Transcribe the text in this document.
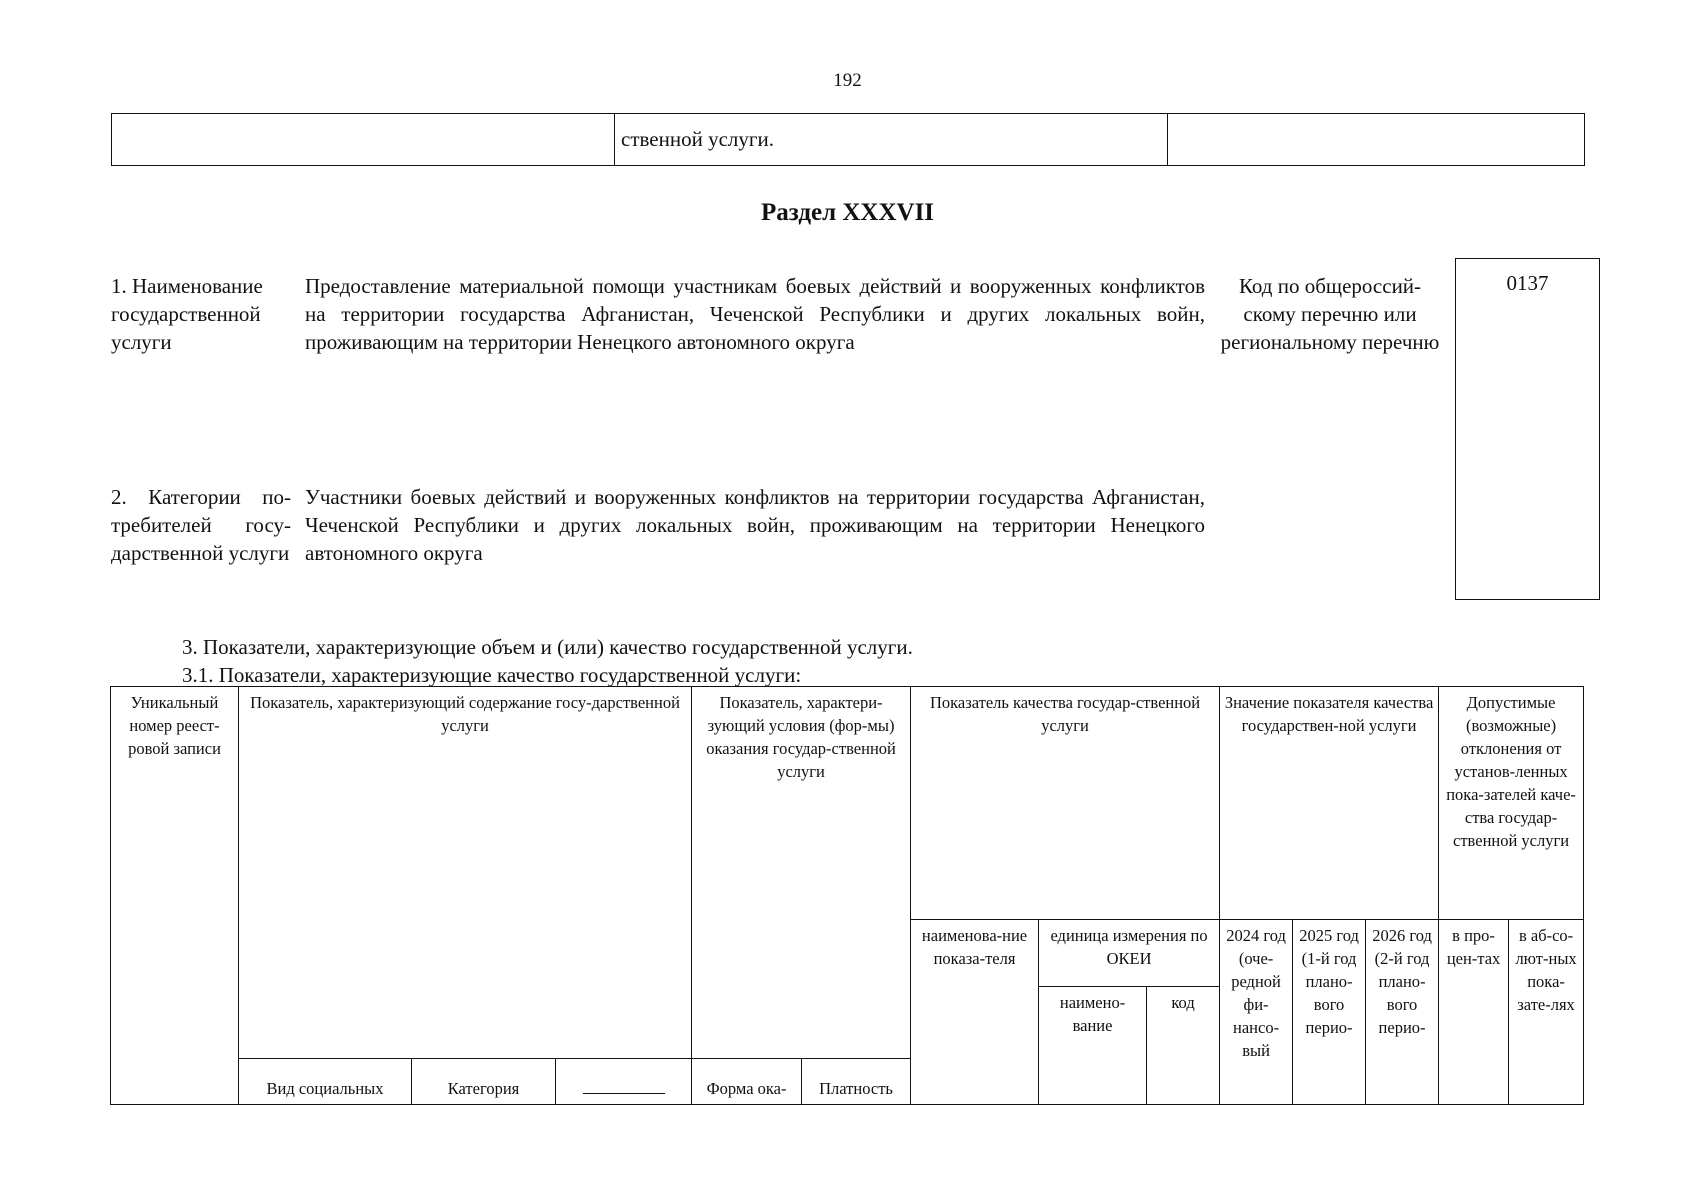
192
	ственной услуги.	
Раздел XXXVII
1. Наименование государственной услуги
Предоставление материальной помощи участникам боевых действий и вооруженных конфликтов на территории государства Афганистан, Чеченской Республики и других локальных войн, проживающим на территории Ненецкого автономного округа
Код по общероссий-скому перечню или региональному перечню
0137
2. Категории по-требителей госу-дарственной услуги
Участники боевых действий и вооруженных конфликтов на территории государства Афганистан, Чеченской Республики и других локальных войн, проживающим на территории Ненецкого автономного округа
3. Показатели, характеризующие объем и (или) качество государственной услуги.
3.1. Показатели, характеризующие качество государственной услуги:
Уникальный номер реест-ровой записи	Показатель, характеризующий содержание госу-дарственной услуги			Показатель, характери-зующий условия (фор-мы) оказания государ-ственной услуги		Показатель качества государ-ственной услуги			Значение показателя качества государствен-ной услуги			Допустимые (возможные) отклонения от установ-ленных пока-зателей каче-ства государ-ственной услуги	
						наименова-ние показа-теля	единица измерения по ОКЕИ		2024 год (оче-редной фи-нансо-вый	2025 год (1-й год плано-вого перио-	2026 год (2-й год плано-вого перио-	в про-цен-тах	в аб-со-лют-ных пока-зате-лях
							наимено-вание	код					
	Вид социальных	Категория		Форма ока-	Платность								
